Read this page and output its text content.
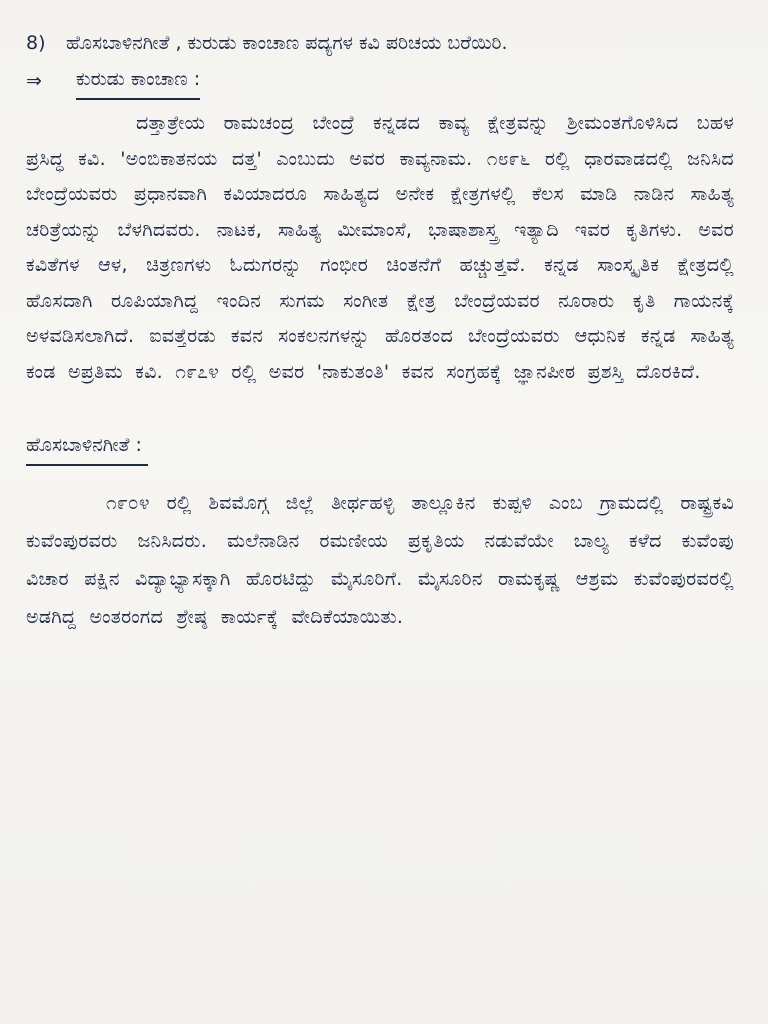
8)	ಹೊಸಬಾಳಿನಗೀತೆ , ಕುರುಡು ಕಾಂಚಾಣ ಪದ್ಯಗಳ ಕವಿ ಪರಿಚಯ ಬರೆಯಿರಿ.
⇒	ಕುರುಡು ಕಾಂಚಾಣ :

ದತ್ತಾತ್ರೇಯ ರಾಮಚಂದ್ರ ಬೇಂದ್ರೆ ಕನ್ನಡದ ಕಾವ್ಯ ಕ್ಷೇತ್ರವನ್ನು ಶ್ರೀಮಂತಗೊಳಿಸಿದ ಬಹಳ ಪ್ರಸಿದ್ಧ ಕವಿ. 'ಅಂಬಿಕಾತನಯ ದತ್ತ' ಎಂಬುದು ಅವರ ಕಾವ್ಯನಾಮ. ೧೮೯೬ ರಲ್ಲಿ ಧಾರವಾಡದಲ್ಲಿ ಜನಿಸಿದ ಬೇಂದ್ರೆಯವರು ಪ್ರಧಾನವಾಗಿ ಕವಿಯಾದರೂ ಸಾಹಿತ್ಯದ ಅನೇಕ ಕ್ಷೇತ್ರಗಳಲ್ಲಿ ಕೆಲಸ ಮಾಡಿ ನಾಡಿನ ಸಾಹಿತ್ಯ ಚರಿತ್ರೆಯನ್ನು ಬೆಳಗಿದವರು. ನಾಟಕ, ಸಾಹಿತ್ಯ ಮೀಮಾಂಸೆ, ಭಾಷಾಶಾಸ್ತ್ರ ಇತ್ಯಾದಿ ಇವರ ಕೃತಿಗಳು. ಅವರ ಕವಿತೆಗಳ ಆಳ, ಚಿತ್ರಣಗಳು ಓದುಗರನ್ನು ಗಂಭೀರ ಚಿಂತನೆಗೆ ಹಚ್ಚುತ್ತವೆ. ಕನ್ನಡ ಸಾಂಸ್ಕೃತಿಕ ಕ್ಷೇತ್ರದಲ್ಲಿ ಹೊಸದಾಗಿ ರೂಪಿಯಾಗಿದ್ದ ಇಂದಿನ ಸುಗಮ ಸಂಗೀತ ಕ್ಷೇತ್ರ ಬೇಂದ್ರೆಯವರ ನೂರಾರು ಕೃತಿ ಗಾಯನಕ್ಕೆ ಅಳವಡಿಸಲಾಗಿದೆ. ಐವತ್ತೆರಡು ಕವನ ಸಂಕಲನಗಳನ್ನು ಹೊರತಂದ ಬೇಂದ್ರೆಯವರು ಆಧುನಿಕ ಕನ್ನಡ ಸಾಹಿತ್ಯ ಕಂಡ ಅಪ್ರತಿಮ ಕವಿ. ೧೯೭೪ ರಲ್ಲಿ ಅವರ 'ನಾಕುತಂತಿ' ಕವನ ಸಂಗ್ರಹಕ್ಕೆ ಜ್ಞಾನಪೀಠ ಪ್ರಶಸ್ತಿ ದೊರಕಿದೆ.

ಹೊಸಬಾಳಿನಗೀತೆ :

೧೯೦೪ ರಲ್ಲಿ ಶಿವಮೊಗ್ಗ ಜಿಲ್ಲೆ ತೀರ್ಥಹಳ್ಳಿ ತಾಲ್ಲೂಕಿನ ಕುಪ್ಪಳಿ ಎಂಬ ಗ್ರಾಮದಲ್ಲಿ ರಾಷ್ಟ್ರಕವಿ ಕುವೆಂಪುರವರು ಜನಿಸಿದರು. ಮಲೆನಾಡಿನ ರಮಣೀಯ ಪ್ರಕೃತಿಯ ನಡುವೆಯೇ ಬಾಲ್ಯ ಕಳೆದ ಕುವೆಂಪು ವಿಚಾರ ಪಕ್ಷಿನ ವಿದ್ಯಾಭ್ಯಾಸಕ್ಕಾಗಿ ಹೊರಟಿದ್ದು ಮೈಸೂರಿಗೆ. ಮೈಸೂರಿನ ರಾಮಕೃಷ್ಣ ಆಶ್ರಮ ಕುವೆಂಪುರವರಲ್ಲಿ ಅಡಗಿದ್ದ ಅಂತರಂಗದ ಶ್ರೇಷ್ಠ ಕಾರ್ಯಕ್ಕೆ ವೇದಿಕೆಯಾಯಿತು.
